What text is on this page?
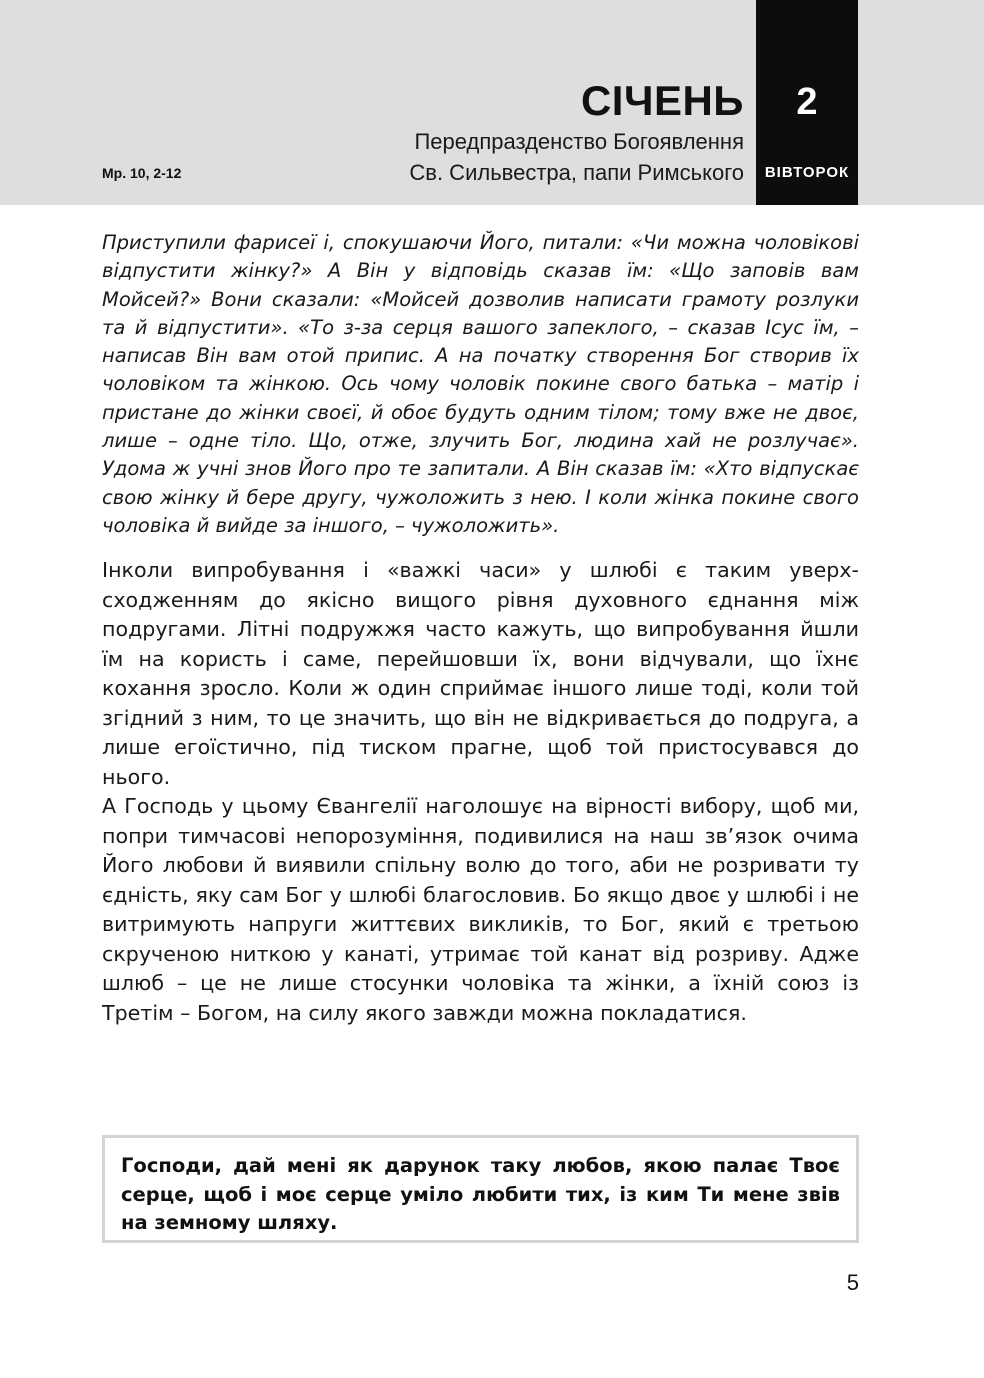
СІЧЕНЬ
Передпразденство Богоявлення
Св. Сильвестра, папи Римського
Мр. 10, 2-12
2
ВІВТОРОК

Приступили фарисеї і, спокушаючи Його, питали: «Чи можна чоловікові відпустити жінку?» А Він у відповідь сказав їм: «Що заповів вам Мойсей?» Вони сказали: «Мойсей дозволив написати грамоту розлуки та й відпустити». «То з-за серця вашого запеклого, – сказав Ісус їм, – написав Він вам отой припис. А на початку створення Бог створив їх чоловіком та жінкою. Ось чому чоловік покине свого батька – матір і пристане до жінки своєї, й обоє будуть одним тілом; тому вже не двоє, лише – одне тіло. Що, отже, злучить Бог, людина хай не розлучає». Удома ж учні знов Його про те запитали. А Він сказав їм: «Хто відпускає свою жінку й бере другу, чужоложить з нею. І коли жінка покине свого чоловіка й вийде за іншого, – чужоложить».

Інколи випробування і «важкі часи» у шлюбі є таким уверх-сходженням до якісно вищого рівня духовного єднання між подругами. Літні подружжя часто кажуть, що випробування йшли їм на користь і саме, перейшовши їх, вони відчували, що їхнє кохання зросло. Коли ж один сприймає іншого лише тоді, коли той згідний з ним, то це значить, що він не відкривається до подруга, а лише егоїстично, під тиском прагне, щоб той пристосувався до нього.

А Господь у цьому Євангелії наголошує на вірності вибору, щоб ми, попри тимчасові непорозуміння, подивилися на наш зв’язок очима Його любови й виявили спільну волю до того, аби не розривати ту єдність, яку сам Бог у шлюбі благословив. Бо якщо двоє у шлюбі і не витримують напруги життєвих викликів, то Бог, який є третьою скрученою ниткою у канаті, утримає той канат від розриву. Адже шлюб – це не лише стосунки чоловіка та жінки, а їхній союз із Третім – Богом, на силу якого завжди можна покладатися.

Господи, дай мені як дарунок таку любов, якою палає Твоє серце, щоб і моє серце уміло любити тих, із ким Ти мене звів на земному шляху.

5
